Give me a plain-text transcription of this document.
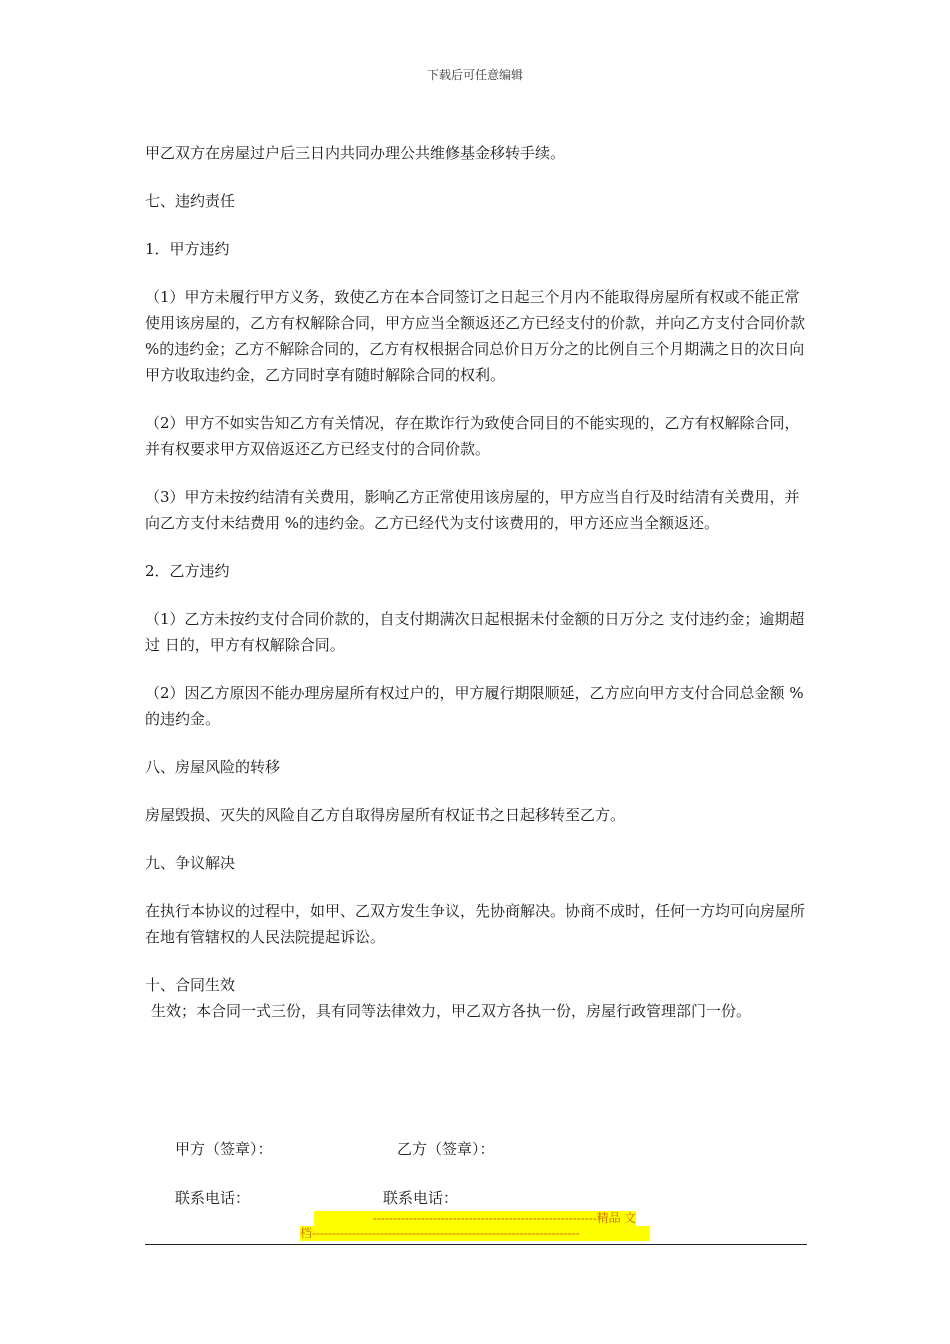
下载后可任意编辑

甲乙双方在房屋过户后三日内共同办理公共维修基金移转手续。

七、违约责任

1．甲方违约

（1）甲方未履行甲方义务，致使乙方在本合同签订之日起三个月内不能取得房屋所有权或不能正常使用该房屋的，乙方有权解除合同，甲方应当全额返还乙方已经支付的价款，并向乙方支付合同价款 %的违约金；乙方不解除合同的，乙方有权根据合同总价日万分之的比例自三个月期满之日的次日向甲方收取违约金，乙方同时享有随时解除合同的权利。

（2）甲方不如实告知乙方有关情况，存在欺诈行为致使合同目的不能实现的，乙方有权解除合同，并有权要求甲方双倍返还乙方已经支付的合同价款。

（3）甲方未按约结清有关费用，影响乙方正常使用该房屋的，甲方应当自行及时结清有关费用，并向乙方支付未结费用 %的违约金。乙方已经代为支付该费用的，甲方还应当全额返还。

2．乙方违约

（1）乙方未按约支付合同价款的，自支付期满次日起根据未付金额的日万分之 支付违约金；逾期超过 日的，甲方有权解除合同。

（2）因乙方原因不能办理房屋所有权过户的，甲方履行期限顺延，乙方应向甲方支付合同总金额 %的违约金。

八、房屋风险的转移

房屋毁损、灭失的风险自乙方自取得房屋所有权证书之日起移转至乙方。

九、争议解决

在执行本协议的过程中，如甲、乙双方发生争议，先协商解决。协商不成时，任何一方均可向房屋所在地有管辖权的人民法院提起诉讼。

十、合同生效

生效；本合同一式三份，具有同等法律效力，甲乙双方各执一份，房屋行政管理部门一份。

甲方（签章）：	乙方（签章）：
联系电话：	联系电话：
--------------------------------------------------------精品 文
档-------------------------------------------------------------------
